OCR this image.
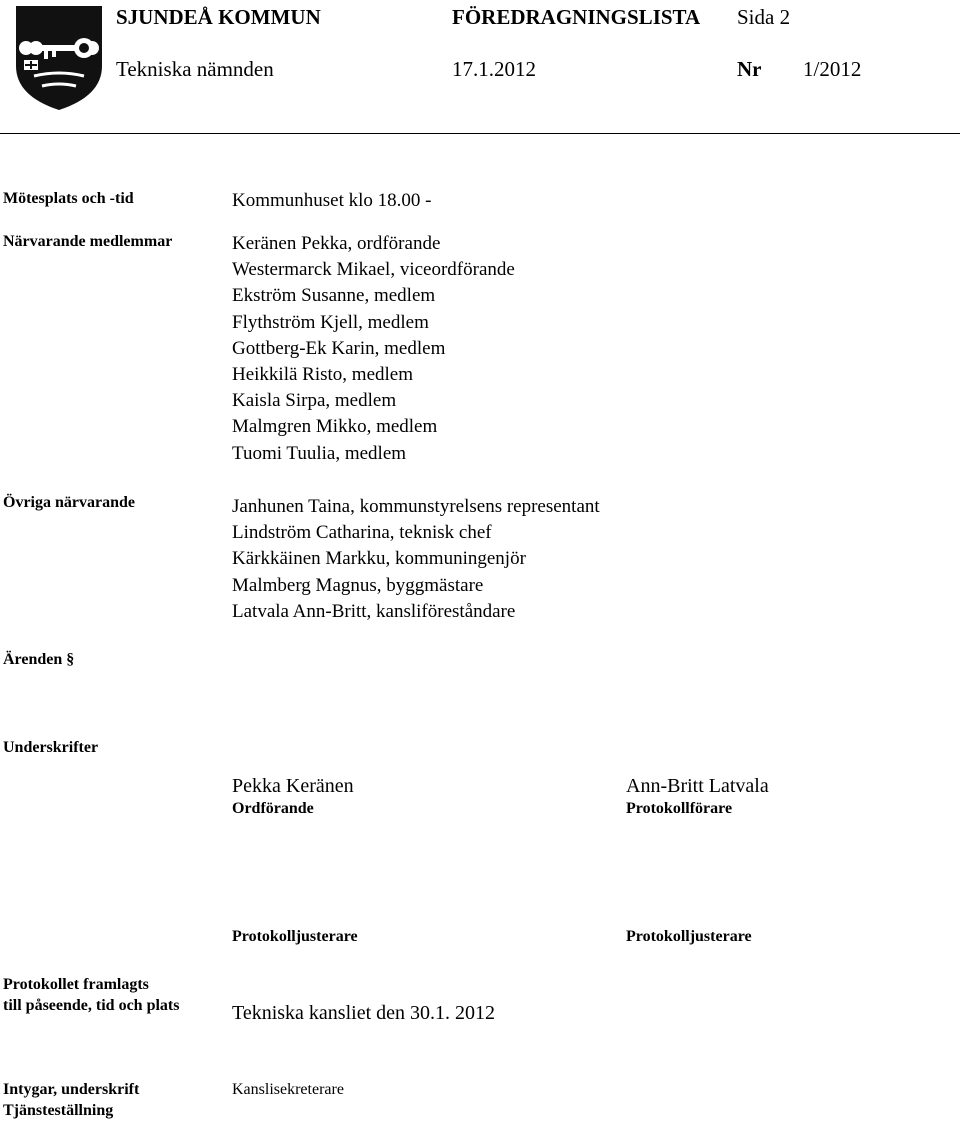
SJUNDEÅ KOMMUN	FÖREDRAGNINGSLISTA Sida 2
Tekniska nämnden	17.1.2012	Nr 1/2012
Mötesplats och -tid	Kommunhuset klo 18.00 -
Närvarande medlemmar	Keränen Pekka, ordförande
Westermarck Mikael, viceordförande
Ekström Susanne, medlem
Flythström Kjell, medlem
Gottberg-Ek Karin, medlem
Heikkilä Risto, medlem
Kaisla Sirpa, medlem
Malmgren Mikko, medlem
Tuomi Tuulia, medlem
Övriga närvarande	Janhunen Taina, kommunstyrelsens representant
Lindström Catharina, teknisk chef
Kärkkäinen Markku, kommuningenjör
Malmberg Magnus, byggmästare
Latvala Ann-Britt, kansliföreståndare
Ärenden §
Underskrifter
Pekka Keränen
Ordförande
Ann-Britt Latvala
Protokollförare
Protokolljusterare	Protokolljusterare
Protokollet framlagts
till påseende, tid och plats	Tekniska kansliet den 30.1. 2012
Intygar, underskrift
Tjänsteställning
Kanslisekreterare
